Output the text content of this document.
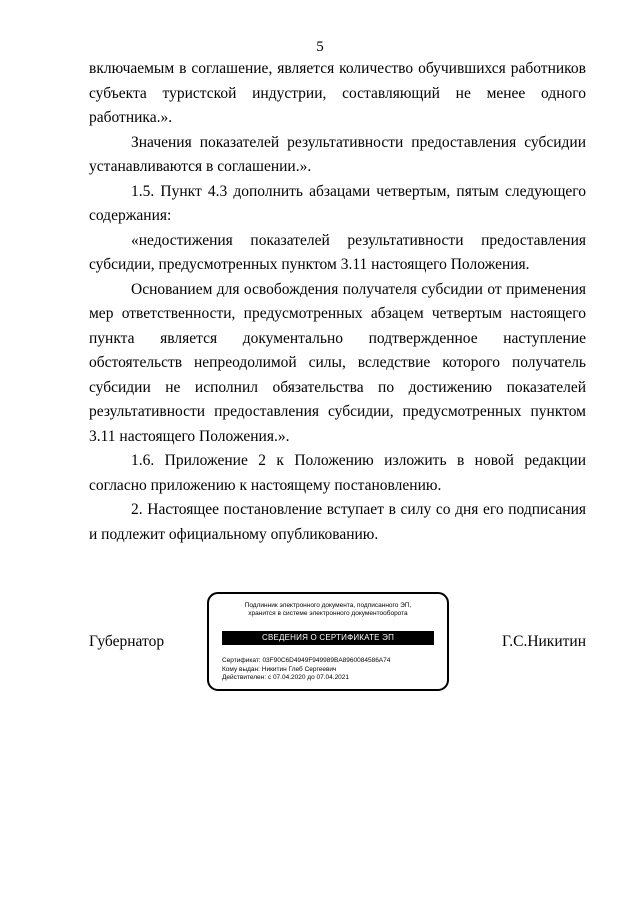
5

включаемым в соглашение, является количество обучившихся работников субъекта туристской индустрии, составляющий не менее одного работника.».

Значения показателей результативности предоставления субсидии устанавливаются в соглашении.».

1.5. Пункт 4.3 дополнить абзацами четвертым, пятым следующего содержания:

«недостижения показателей результативности предоставления субсидии, предусмотренных пунктом 3.11 настоящего Положения.

Основанием для освобождения получателя субсидии от применения мер ответственности, предусмотренных абзацем четвертым настоящего пункта является документально подтвержденное наступление обстоятельств непреодолимой силы, вследствие которого получатель субсидии не исполнил обязательства по достижению показателей результативности предоставления субсидии, предусмотренных пунктом 3.11 настоящего Положения.».

1.6. Приложение 2 к Положению изложить в новой редакции согласно приложению к настоящему постановлению.

2. Настоящее постановление вступает в силу со дня его подписания и подлежит официальному опубликованию.

Губернатор	Г.С.Никитин
Подлинник электронного документа, подписанного ЭП,
хранится в системе электронного документооборота
СВЕДЕНИЯ О СЕРТИФИКАТЕ ЭП
Сертификат: 03F90C6D4949F949989BA8960084586A74
Кому выдан: Никитин Глеб Сергеевич
Действителен: с 07.04.2020 до 07.04.2021
